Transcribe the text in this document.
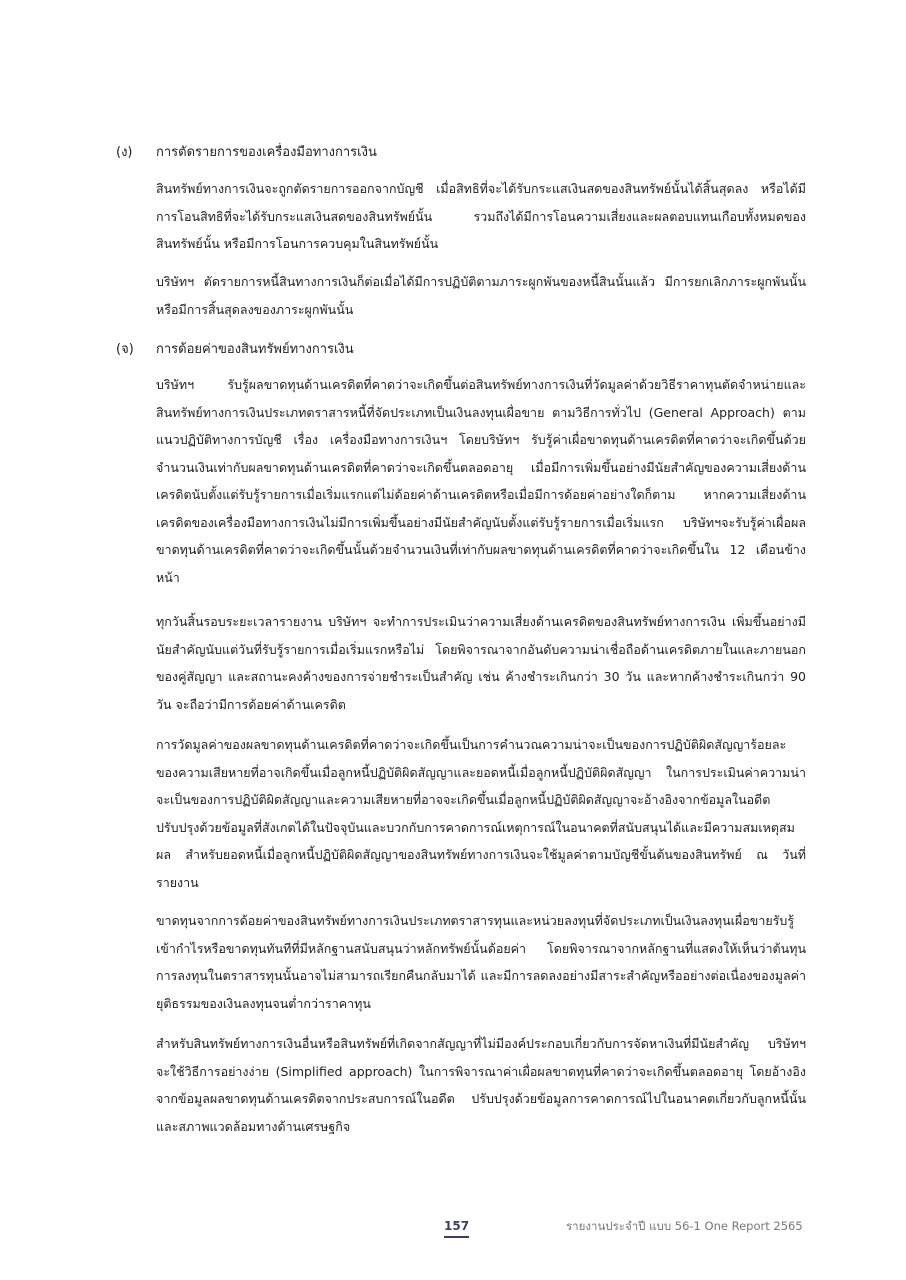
(ง) การตัดรายการของเครื่องมือทางการเงิน

สินทรัพย์ทางการเงินจะถูกตัดรายการออกจากบัญชี เมื่อสิทธิที่จะได้รับกระแสเงินสดของสินทรัพย์นั้นได้สิ้นสุดลง หรือได้มีการโอนสิทธิที่จะได้รับกระแสเงินสดของสินทรัพย์นั้น รวมถึงได้มีการโอนความเสี่ยงและผลตอบแทนเกือบทั้งหมดของสินทรัพย์นั้น หรือมีการโอนการควบคุมในสินทรัพย์นั้น

บริษัทฯ ตัดรายการหนี้สินทางการเงินก็ต่อเมื่อได้มีการปฏิบัติตามภาระผูกพันของหนี้สินนั้นแล้ว มีการยกเลิกภาระผูกพันนั้น หรือมีการสิ้นสุดลงของภาระผูกพันนั้น

(จ) การด้อยค่าของสินทรัพย์ทางการเงิน

บริษัทฯ รับรู้ผลขาดทุนด้านเครดิตที่คาดว่าจะเกิดขึ้นต่อสินทรัพย์ทางการเงินที่วัดมูลค่าด้วยวิธีราคาทุนตัดจำหน่ายและสินทรัพย์ทางการเงินประเภทตราสารหนี้ที่จัดประเภทเป็นเงินลงทุนเผื่อขาย ตามวิธีการทั่วไป (General Approach) ตามแนวปฏิบัติทางการบัญชี เรื่อง เครื่องมือทางการเงินฯ โดยบริษัทฯ รับรู้ค่าเผื่อขาดทุนด้านเครดิตที่คาดว่าจะเกิดขึ้นด้วยจำนวนเงินเท่ากับผลขาดทุนด้านเครดิตที่คาดว่าจะเกิดขึ้นตลอดอายุ เมื่อมีการเพิ่มขึ้นอย่างมีนัยสำคัญของความเสี่ยงด้านเครดิตนับตั้งแต่รับรู้รายการเมื่อเริ่มแรกแต่ไม่ด้อยค่าด้านเครดิตหรือเมื่อมีการด้อยค่าอย่างใดก็ตาม หากความเสี่ยงด้านเครดิตของเครื่องมือทางการเงินไม่มีการเพิ่มขึ้นอย่างมีนัยสำคัญนับตั้งแต่รับรู้รายการเมื่อเริ่มแรก บริษัทฯจะรับรู้ค่าเผื่อผลขาดทุนด้านเครดิตที่คาดว่าจะเกิดขึ้นนั้นด้วยจำนวนเงินที่เท่ากับผลขาดทุนด้านเครดิตที่คาดว่าจะเกิดขึ้นใน 12 เดือนข้างหน้า

ทุกวันสิ้นรอบระยะเวลารายงาน บริษัทฯ จะทำการประเมินว่าความเสี่ยงด้านเครดิตของสินทรัพย์ทางการเงิน เพิ่มขึ้นอย่างมีนัยสำคัญนับแต่วันที่รับรู้รายการเมื่อเริ่มแรกหรือไม่ โดยพิจารณาจากอันดับความน่าเชื่อถือด้านเครดิตภายในและภายนอกของคู่สัญญา และสถานะคงค้างของการจ่ายชำระเป็นสำคัญ เช่น ค้างชำระเกินกว่า 30 วัน และหากค้างชำระเกินกว่า 90 วัน จะถือว่ามีการด้อยค่าด้านเครดิต

การวัดมูลค่าของผลขาดทุนด้านเครดิตที่คาดว่าจะเกิดขึ้นเป็นการคำนวณความน่าจะเป็นของการปฏิบัติผิดสัญญาร้อยละของความเสียหายที่อาจเกิดขึ้นเมื่อลูกหนี้ปฏิบัติผิดสัญญาและยอดหนี้เมื่อลูกหนี้ปฏิบัติผิดสัญญา ในการประเมินค่าความน่าจะเป็นของการปฏิบัติผิดสัญญาและความเสียหายที่อาจจะเกิดขึ้นเมื่อลูกหนี้ปฏิบัติผิดสัญญาจะอ้างอิงจากข้อมูลในอดีตปรับปรุงด้วยข้อมูลที่สังเกตได้ในปัจจุบันและบวกกับการคาดการณ์เหตุการณ์ในอนาคตที่สนับสนุนได้และมีความสมเหตุสมผล สำหรับยอดหนี้เมื่อลูกหนี้ปฏิบัติผิดสัญญาของสินทรัพย์ทางการเงินจะใช้มูลค่าตามบัญชีขั้นต้นของสินทรัพย์ ณ วันที่รายงาน

ขาดทุนจากการด้อยค่าของสินทรัพย์ทางการเงินประเภทตราสารทุนและหน่วยลงทุนที่จัดประเภทเป็นเงินลงทุนเผื่อขายรับรู้เข้ากำไรหรือขาดทุนทันทีที่มีหลักฐานสนับสนุนว่าหลักทรัพย์นั้นด้อยค่า โดยพิจารณาจากหลักฐานที่แสดงให้เห็นว่าต้นทุนการลงทุนในตราสารทุนนั้นอาจไม่สามารถเรียกคืนกลับมาได้ และมีการลดลงอย่างมีสาระสำคัญหรืออย่างต่อเนื่องของมูลค่ายุติธรรมของเงินลงทุนจนต่ำกว่าราคาทุน

สำหรับสินทรัพย์ทางการเงินอื่นหรือสินทรัพย์ที่เกิดจากสัญญาที่ไม่มีองค์ประกอบเกี่ยวกับการจัดหาเงินที่มีนัยสำคัญ บริษัทฯ จะใช้วิธีการอย่างง่าย (Simplified approach) ในการพิจารณาค่าเผื่อผลขาดทุนที่คาดว่าจะเกิดขึ้นตลอดอายุ โดยอ้างอิงจากข้อมูลผลขาดทุนด้านเครดิตจากประสบการณ์ในอดีต ปรับปรุงด้วยข้อมูลการคาดการณ์ไปในอนาคตเกี่ยวกับลูกหนี้นั้นและสภาพแวดล้อมทางด้านเศรษฐกิจ

157	รายงานประจำปี แบบ 56-1 One Report 2565
